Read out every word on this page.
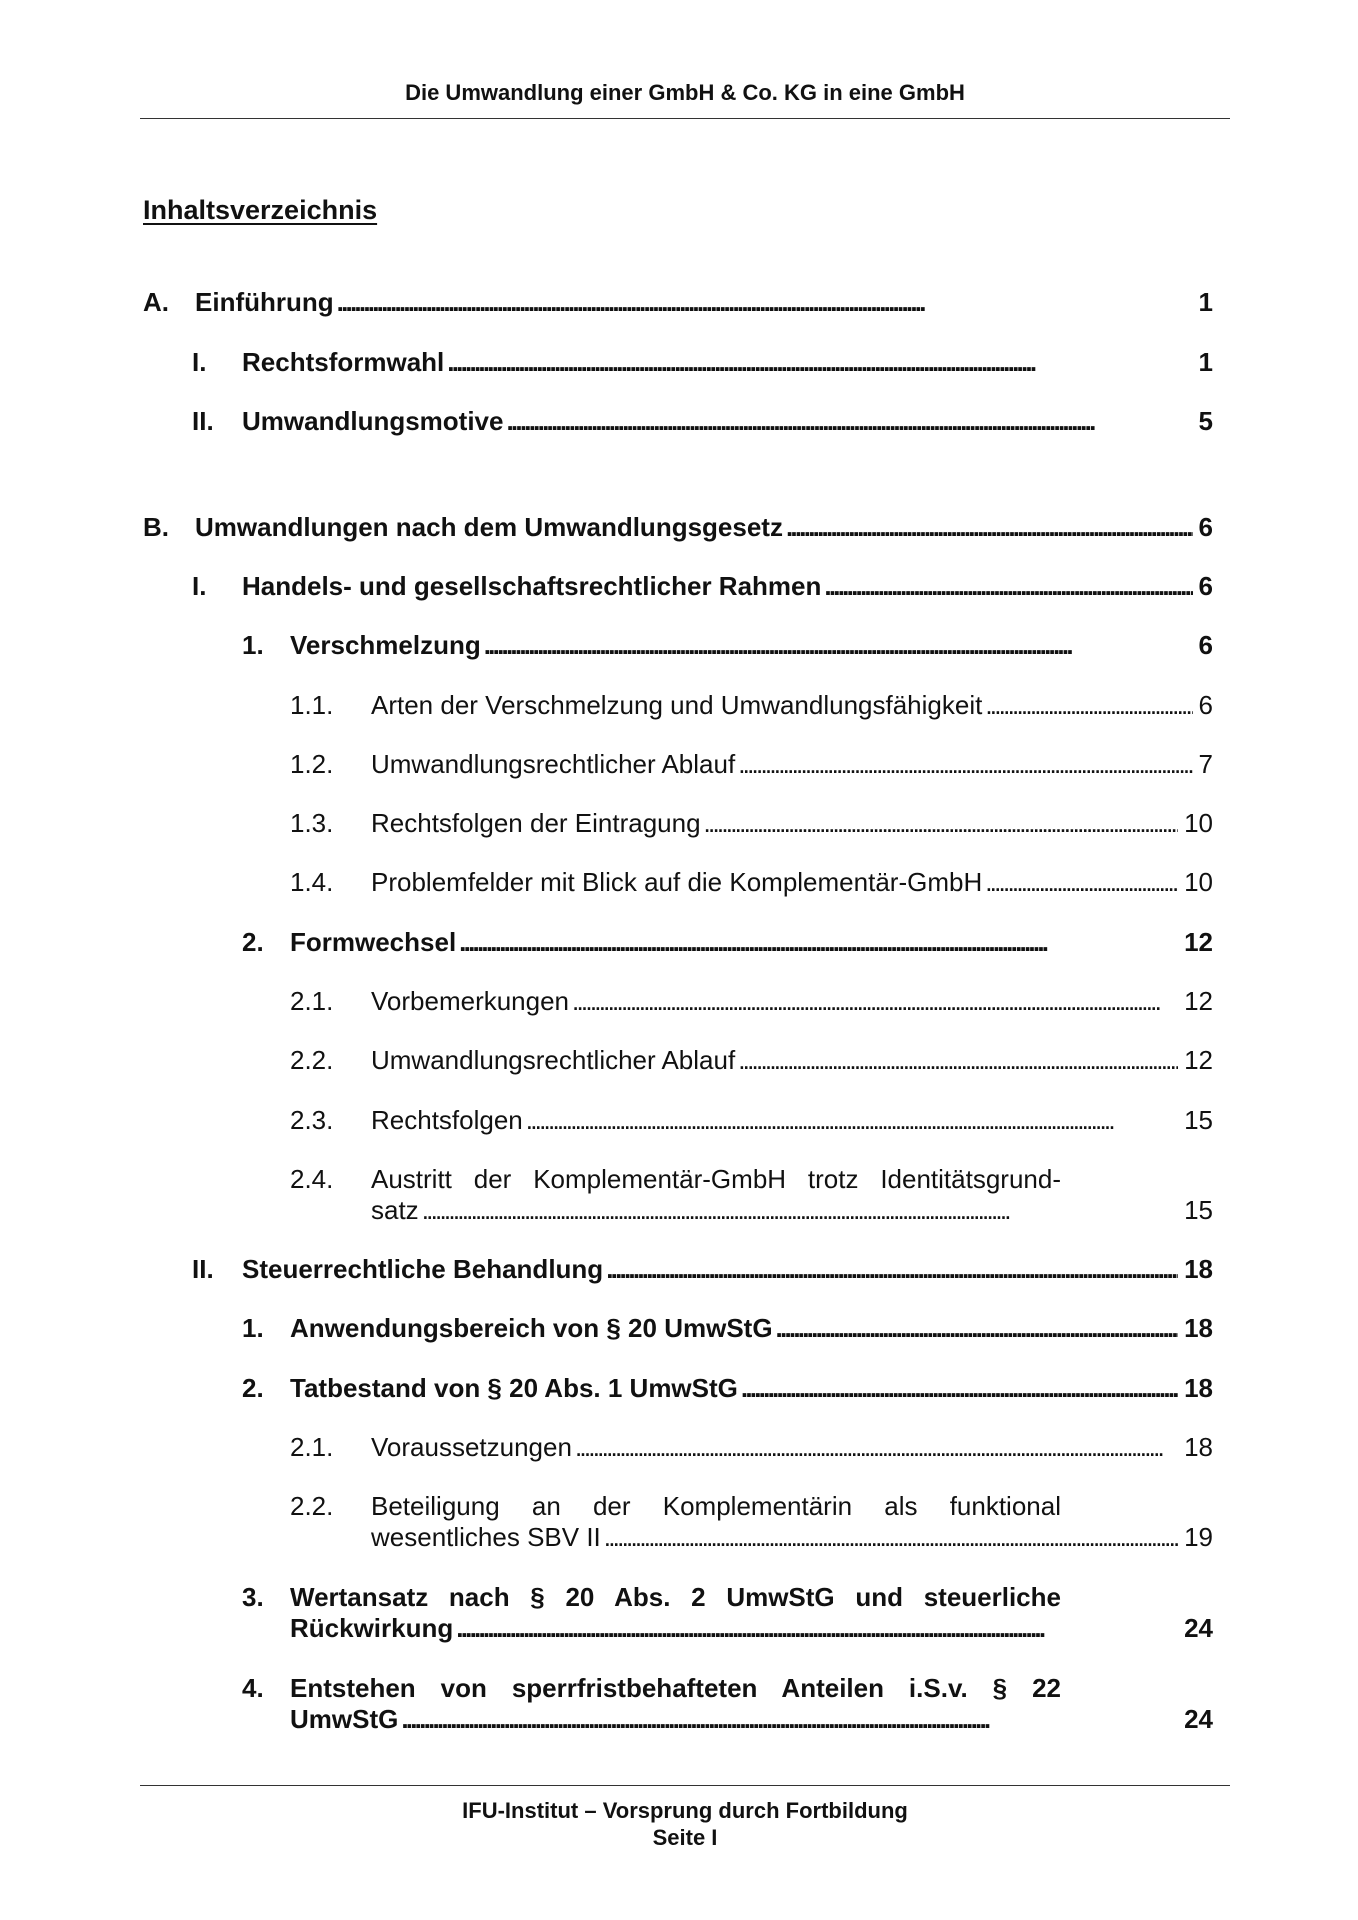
Die Umwandlung einer GmbH & Co. KG in eine GmbH
Inhaltsverzeichnis
A. Einführung . . .	1
I. Rechtsformwahl . . .	1
II. Umwandlungsmotive . . .	5
B. Umwandlungen nach dem Umwandlungsgesetz . . .	6
I. Handels- und gesellschaftsrechtlicher Rahmen . . .	6
1. Verschmelzung . . .	6
1.1. Arten der Verschmelzung und Umwandlungsfähigkeit . . .	6
1.2. Umwandlungsrechtlicher Ablauf . . .	7
1.3. Rechtsfolgen der Eintragung . . .	10
1.4. Problemfelder mit Blick auf die Komplementär-GmbH . . .	10
2. Formwechsel . . .	12
2.1. Vorbemerkungen . . .	12
2.2. Umwandlungsrechtlicher Ablauf . . .	12
2.3. Rechtsfolgen . . .	15
2.4. Austritt der Komplementär-GmbH trotz Identitätsgrund-
satz . . .	15
II. Steuerrechtliche Behandlung . . .	18
1. Anwendungsbereich von § 20 UmwStG . . .	18
2. Tatbestand von § 20 Abs. 1 UmwStG . . .	18
2.1. Voraussetzungen . . .	18
2.2. Beteiligung an der Komplementärin als funktional
wesentliches SBV II . . .	19
3. Wertansatz nach § 20 Abs. 2 UmwStG und steuerliche
Rückwirkung . . .	24
4. Entstehen von sperrfristbehafteten Anteilen i.S.v. § 22
UmwStG . . .	24
IFU-Institut – Vorsprung durch Fortbildung
Seite I
